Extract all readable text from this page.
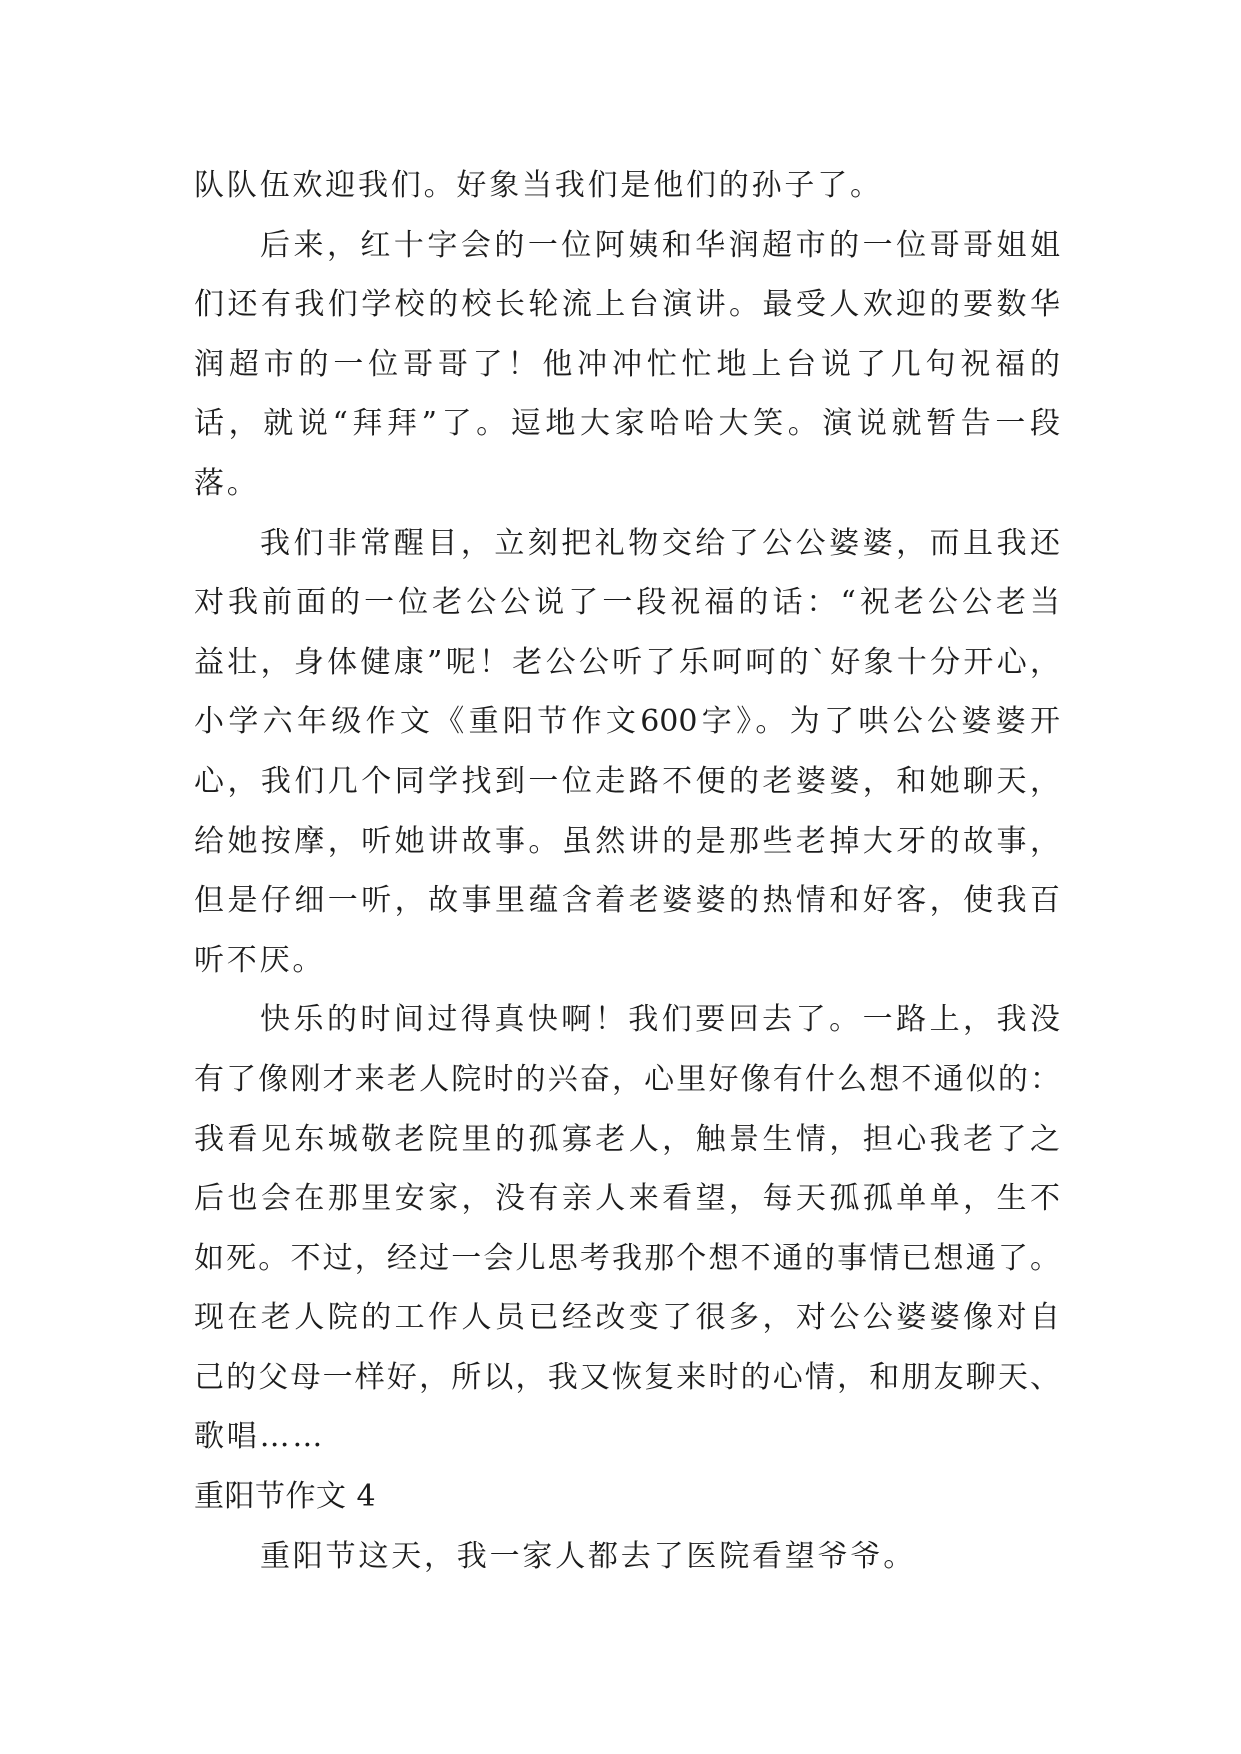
队队伍欢迎我们。好象当我们是他们的孙子了。
后来，红十字会的一位阿姨和华润超市的一位哥哥姐姐
们还有我们学校的校长轮流上台演讲。最受人欢迎的要数华
润超市的一位哥哥了！他冲冲忙忙地上台说了几句祝福的
话，就说“拜拜”了。逗地大家哈哈大笑。演说就暂告一段
落。
我们非常醒目，立刻把礼物交给了公公婆婆，而且我还
对我前面的一位老公公说了一段祝福的话：“祝老公公老当
益壮，身体健康”呢！老公公听了乐呵呵的`好象十分开心，
小学六年级作文《重阳节作文600字》。为了哄公公婆婆开
心，我们几个同学找到一位走路不便的老婆婆，和她聊天，
给她按摩，听她讲故事。虽然讲的是那些老掉大牙的故事，
但是仔细一听，故事里蕴含着老婆婆的热情和好客，使我百
听不厌。
快乐的时间过得真快啊！我们要回去了。一路上，我没
有了像刚才来老人院时的兴奋，心里好像有什么想不通似的：
我看见东城敬老院里的孤寡老人，触景生情，担心我老了之
后也会在那里安家，没有亲人来看望，每天孤孤单单，生不
如死。不过，经过一会儿思考我那个想不通的事情已想通了。
现在老人院的工作人员已经改变了很多，对公公婆婆像对自
己的父母一样好，所以，我又恢复来时的心情，和朋友聊天、
歌唱……
重阳节作文 4
重阳节这天，我一家人都去了医院看望爷爷。
